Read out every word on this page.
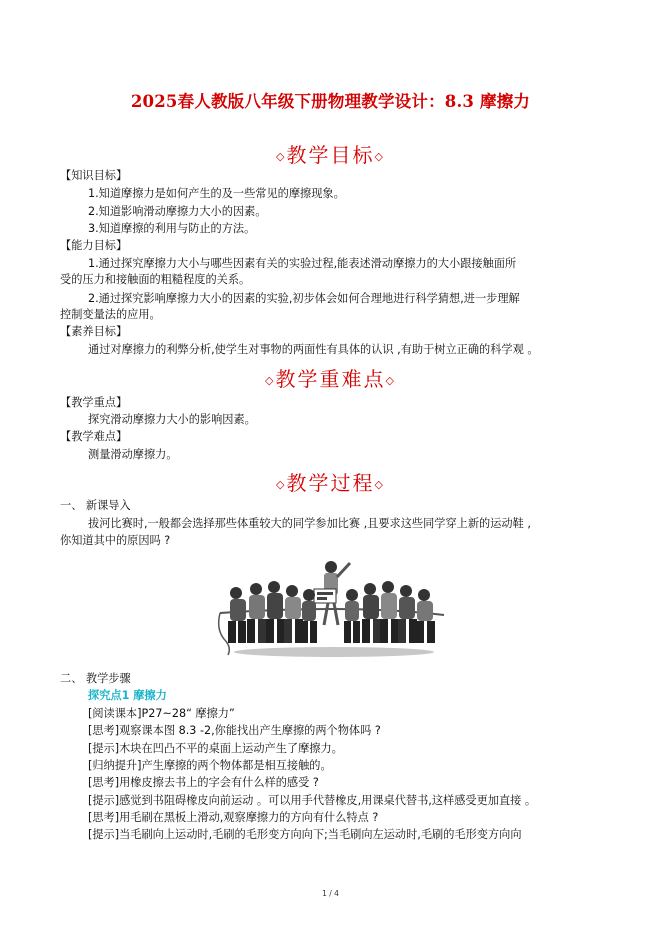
2025春人教版八年级下册物理教学设计：8.3 摩擦力
◇教学目标◇
【知识目标】
1.知道摩擦力是如何产生的及一些常见的摩擦现象。
2.知道影响滑动摩擦力大小的因素。
3.知道摩擦的利用与防止的方法。
【能力目标】
1.通过探究摩擦力大小与哪些因素有关的实验过程,能表述滑动摩擦力的大小跟接触面所
受的压力和接触面的粗糙程度的关系。
2.通过探究影响摩擦力大小的因素的实验,初步体会如何合理地进行科学猜想,进一步理解
控制变量法的应用。
【素养目标】
通过对摩擦力的利弊分析,使学生对事物的两面性有具体的认识 ,有助于树立正确的科学观 。
◇教学重难点◇
【教学重点】
探究滑动摩擦力大小的影响因素。
【教学难点】
测量滑动摩擦力。
◇教学过程◇
一、 新课导入
拔河比赛时,一般都会选择那些体重较大的同学参加比赛 ,且要求这些同学穿上新的运动鞋 ,
你知道其中的原因吗 ?
二、 教学步骤
探究点1 摩擦力
[阅读课本]P27~28“ 摩擦力”
[思考]观察课本图 8.3 -2,你能找出产生摩擦的两个物体吗 ?
[提示]木块在凹凸不平的桌面上运动产生了摩擦力。
[归纳提升]产生摩擦的两个物体都是相互接触的。
[思考]用橡皮擦去书上的字会有什么样的感受 ?
[提示]感觉到书阻碍橡皮向前运动 。可以用手代替橡皮,用课桌代替书,这样感受更加直接 。
[思考]用毛刷在黑板上滑动,观察摩擦力的方向有什么特点 ?
[提示]当毛刷向上运动时,毛刷的毛形变方向向下;当毛刷向左运动时,毛刷的毛形变方向向
1 / 4
